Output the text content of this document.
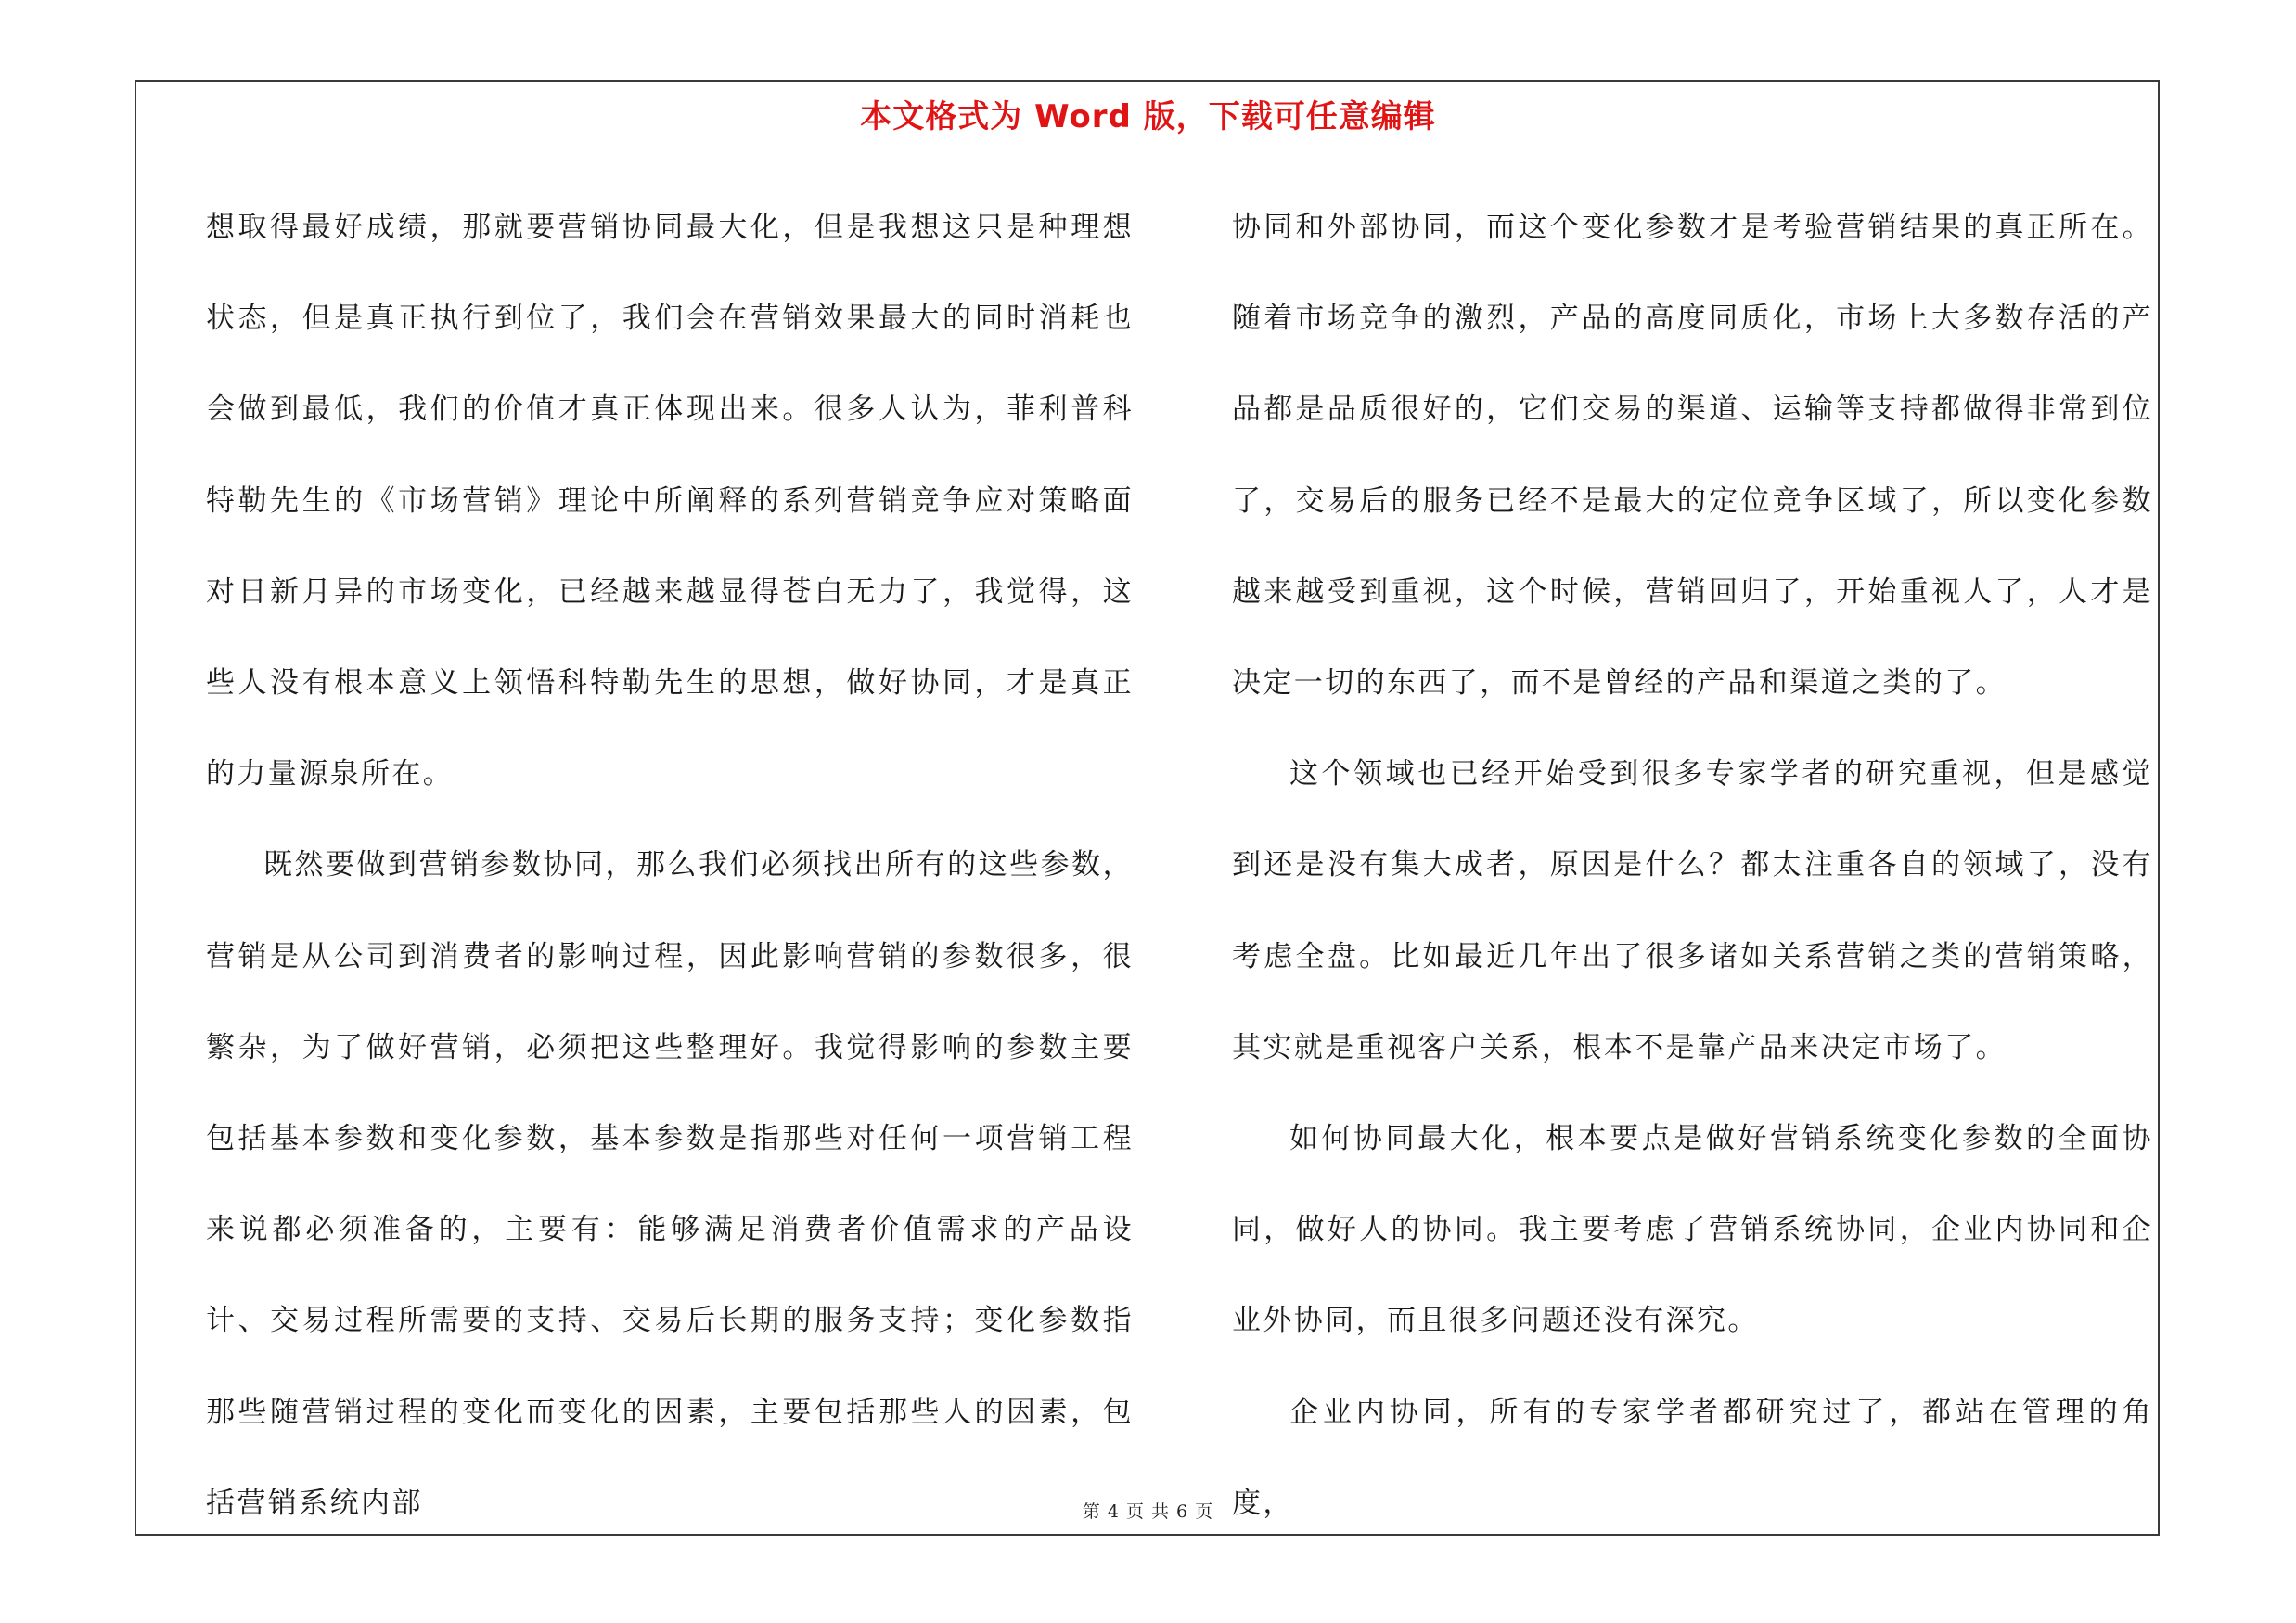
本文格式为 Word 版，下载可任意编辑

想取得最好成绩，那就要营销协同最大化，但是我想这只是种理想状态，但是真正执行到位了，我们会在营销效果最大的同时消耗也会做到最低，我们的价值才真正体现出来。很多人认为，菲利普科特勒先生的《市场营销》理论中所阐释的系列营销竞争应对策略面对日新月异的市场变化，已经越来越显得苍白无力了，我觉得，这些人没有根本意义上领悟科特勒先生的思想，做好协同，才是真正的力量源泉所在。

既然要做到营销参数协同，那么我们必须找出所有的这些参数，营销是从公司到消费者的影响过程，因此影响营销的参数很多，很繁杂，为了做好营销，必须把这些整理好。我觉得影响的参数主要包括基本参数和变化参数，基本参数是指那些对任何一项营销工程来说都必须准备的，主要有：能够满足消费者价值需求的产品设计、交易过程所需要的支持、交易后长期的服务支持；变化参数指那些随营销过程的变化而变化的因素，主要包括那些人的因素，包括营销系统内部

协同和外部协同，而这个变化参数才是考验营销结果的真正所在。随着市场竞争的激烈，产品的高度同质化，市场上大多数存活的产品都是品质很好的，它们交易的渠道、运输等支持都做得非常到位了，交易后的服务已经不是最大的定位竞争区域了，所以变化参数越来越受到重视，这个时候，营销回归了，开始重视人了，人才是决定一切的东西了，而不是曾经的产品和渠道之类的了。

这个领域也已经开始受到很多专家学者的研究重视，但是感觉到还是没有集大成者，原因是什么？都太注重各自的领域了，没有考虑全盘。比如最近几年出了很多诸如关系营销之类的营销策略，其实就是重视客户关系，根本不是靠产品来决定市场了。

如何协同最大化，根本要点是做好营销系统变化参数的全面协同，做好人的协同。我主要考虑了营销系统协同，企业内协同和企业外协同，而且很多问题还没有深究。

企业内协同，所有的专家学者都研究过了，都站在管理的角度，

第 4 页 共 6 页
